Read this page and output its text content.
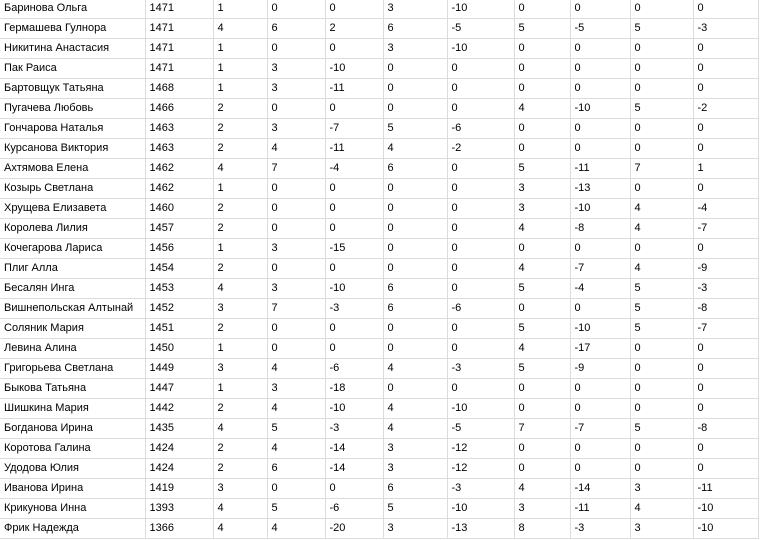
Баринова Ольга	1471	1	0	0	3	-10	0	0	0	0
Гермашева Гулнора	1471	4	6	2	6	-5	5	-5	5	-3
Никитина Анастасия	1471	1	0	0	3	-10	0	0	0	0
Пак Раиса	1471	1	3	-10	0	0	0	0	0	0
Бартовщук Татьяна	1468	1	3	-11	0	0	0	0	0	0
Пугачева Любовь	1466	2	0	0	0	0	4	-10	5	-2
Гончарова Наталья	1463	2	3	-7	5	-6	0	0	0	0
Курсанова Виктория	1463	2	4	-11	4	-2	0	0	0	0
Ахтямова Елена	1462	4	7	-4	6	0	5	-11	7	1
Козырь Светлана	1462	1	0	0	0	0	3	-13	0	0
Хрущева Елизавета	1460	2	0	0	0	0	3	-10	4	-4
Королева Лилия	1457	2	0	0	0	0	4	-8	4	-7
Кочегарова Лариса	1456	1	3	-15	0	0	0	0	0	0
Плиг Алла	1454	2	0	0	0	0	4	-7	4	-9
Бесалян Инга	1453	4	3	-10	6	0	5	-4	5	-3
Вишнепольская Алтынай	1452	3	7	-3	6	-6	0	0	5	-8
Соляник Мария	1451	2	0	0	0	0	5	-10	5	-7
Левина Алина	1450	1	0	0	0	0	4	-17	0	0
Григорьева Светлана	1449	3	4	-6	4	-3	5	-9	0	0
Быкова Татьяна	1447	1	3	-18	0	0	0	0	0	0
Шишкина Мария	1442	2	4	-10	4	-10	0	0	0	0
Богданова Ирина	1435	4	5	-3	4	-5	7	-7	5	-8
Коротова Галина	1424	2	4	-14	3	-12	0	0	0	0
Удодова Юлия	1424	2	6	-14	3	-12	0	0	0	0
Иванова Ирина	1419	3	0	0	6	-3	4	-14	3	-11
Крикунова Инна	1393	4	5	-6	5	-10	3	-11	4	-10
Фрик Надежда	1366	4	4	-20	3	-13	8	-3	3	-10
